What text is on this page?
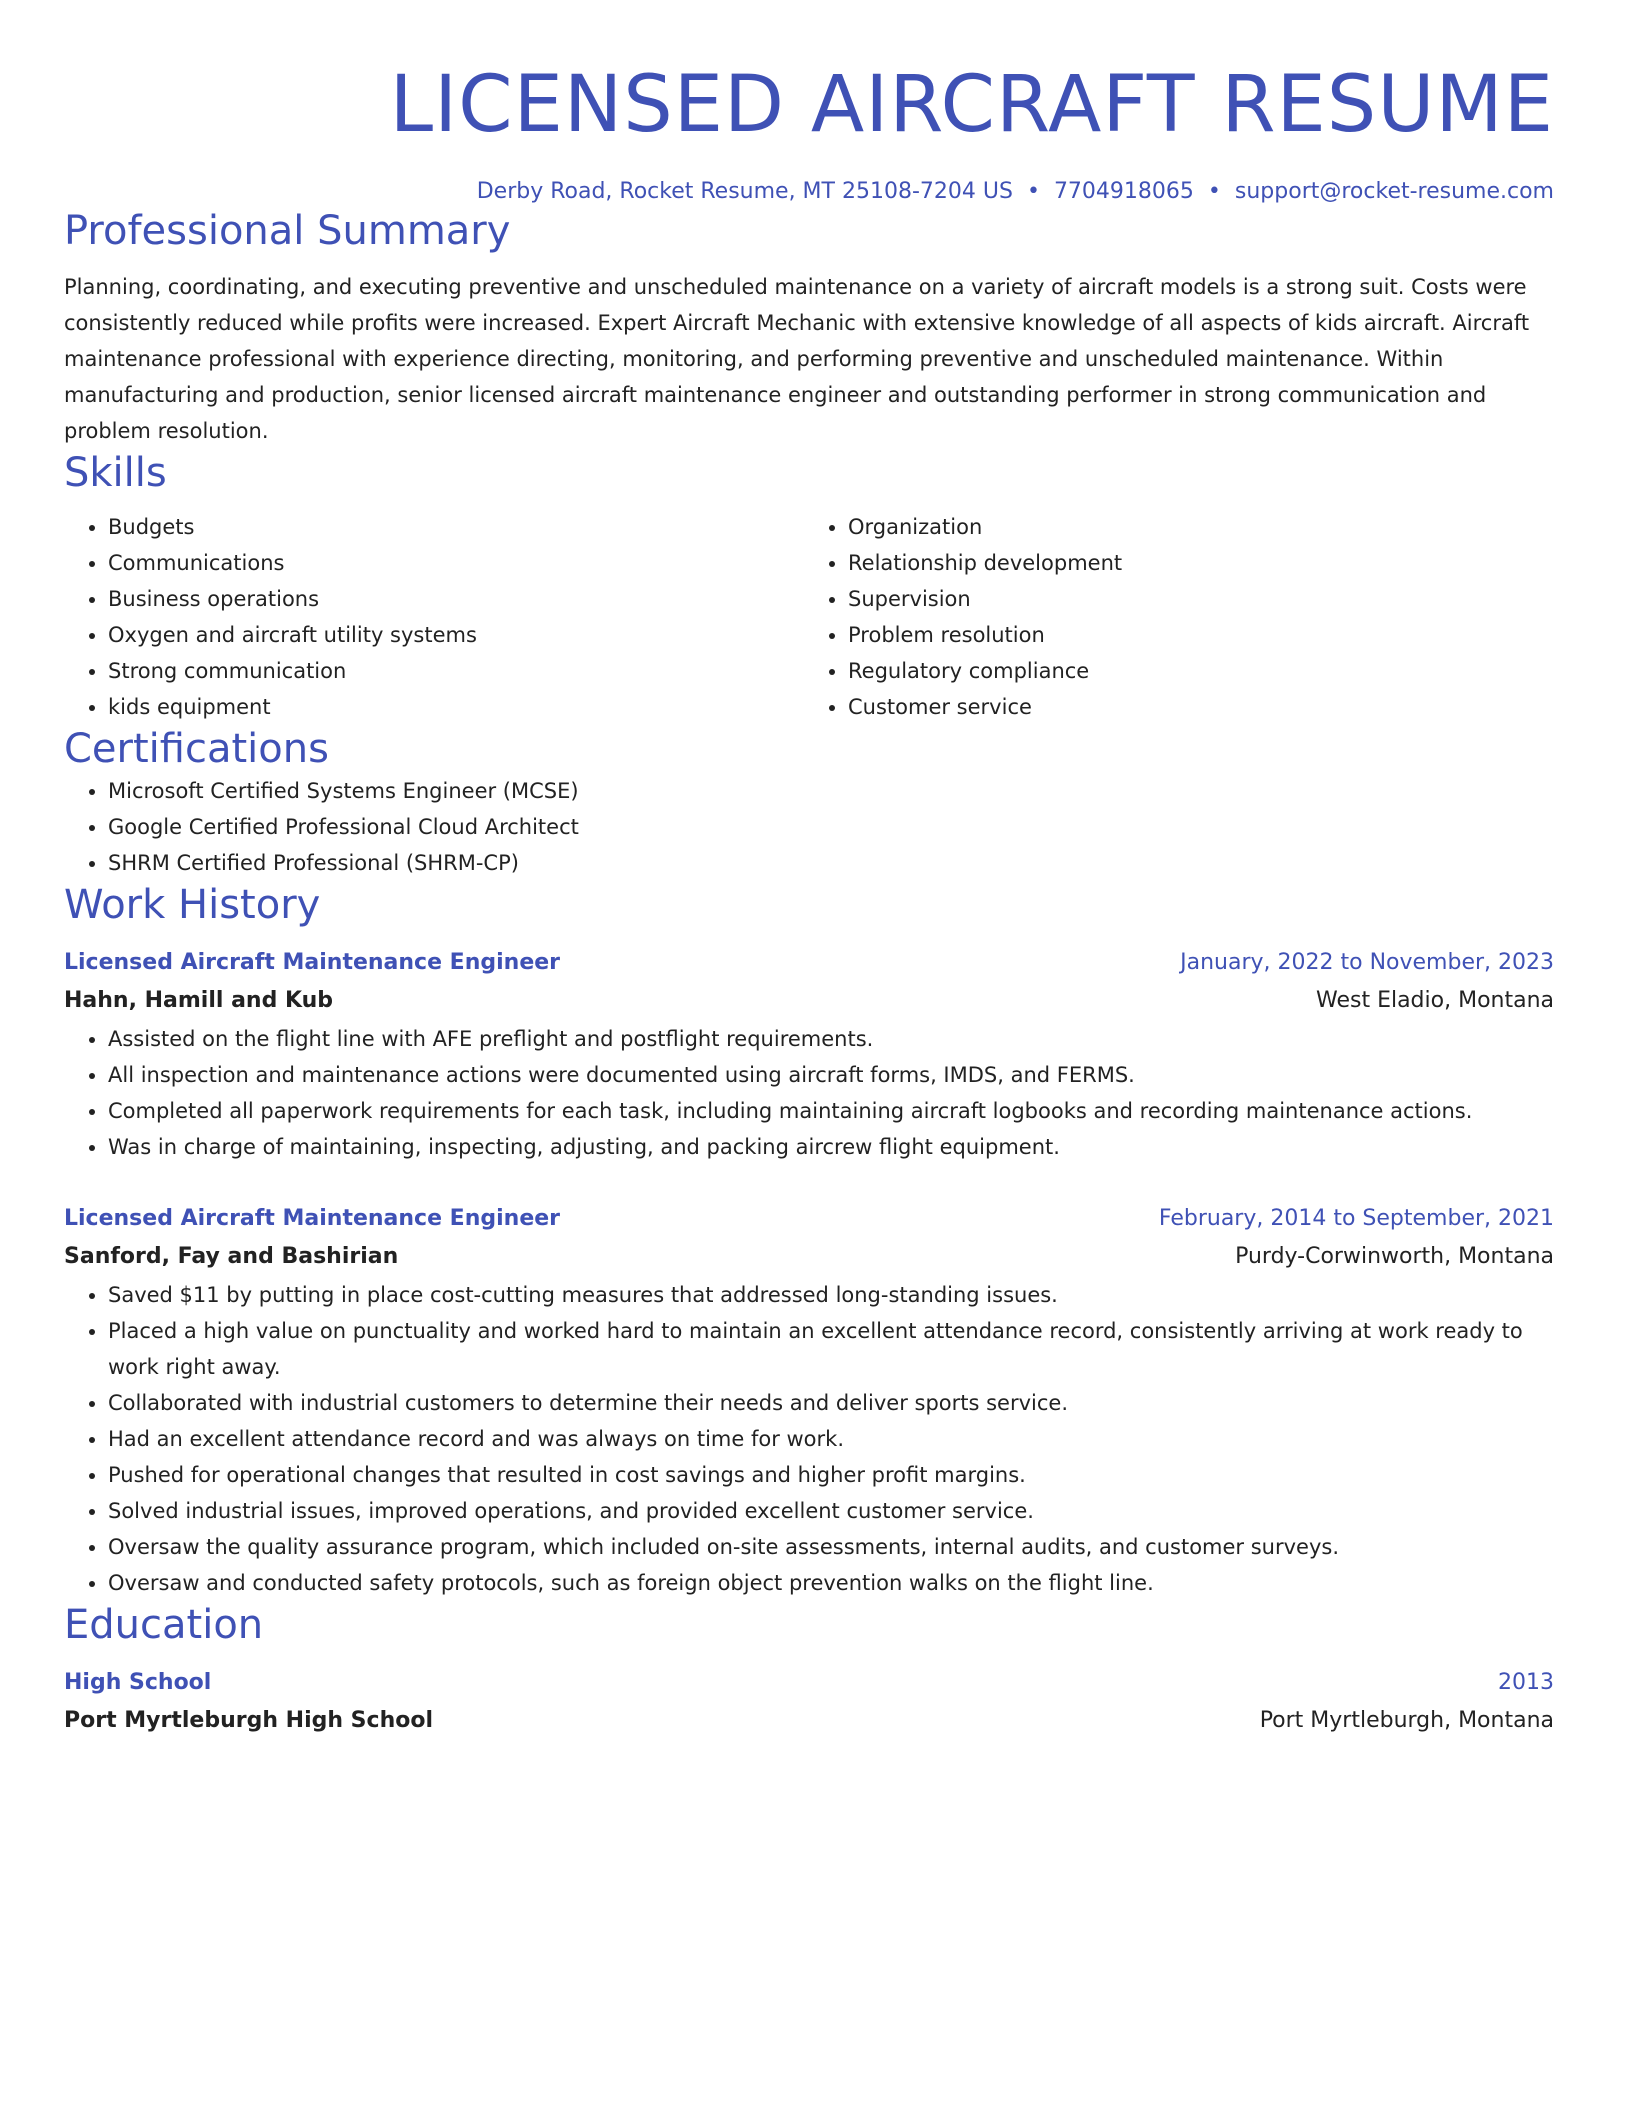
LICENSED AIRCRAFT RESUME
Derby Road, Rocket Resume, MT 25108-7204 US • 7704918065 • support@rocket-resume.com
Professional Summary
Planning, coordinating, and executing preventive and unscheduled maintenance on a variety of aircraft models is a strong suit. Costs were consistently reduced while profits were increased. Expert Aircraft Mechanic with extensive knowledge of all aspects of kids aircraft. Aircraft maintenance professional with experience directing, monitoring, and performing preventive and unscheduled maintenance. Within manufacturing and production, senior licensed aircraft maintenance engineer and outstanding performer in strong communication and problem resolution.
Skills
• Budgets
• Communications
• Business operations
• Oxygen and aircraft utility systems
• Strong communication
• kids equipment
• Organization
• Relationship development
• Supervision
• Problem resolution
• Regulatory compliance
• Customer service
Certifications
• Microsoft Certified Systems Engineer (MCSE)
• Google Certified Professional Cloud Architect
• SHRM Certified Professional (SHRM-CP)
Work History
Licensed Aircraft Maintenance Engineer	January, 2022 to November, 2023
Hahn, Hamill and Kub	West Eladio, Montana
• Assisted on the flight line with AFE preflight and postflight requirements.
• All inspection and maintenance actions were documented using aircraft forms, IMDS, and FERMS.
• Completed all paperwork requirements for each task, including maintaining aircraft logbooks and recording maintenance actions.
• Was in charge of maintaining, inspecting, adjusting, and packing aircrew flight equipment.
Licensed Aircraft Maintenance Engineer	February, 2014 to September, 2021
Sanford, Fay and Bashirian	Purdy-Corwinworth, Montana
• Saved $11 by putting in place cost-cutting measures that addressed long-standing issues.
• Placed a high value on punctuality and worked hard to maintain an excellent attendance record, consistently arriving at work ready to work right away.
• Collaborated with industrial customers to determine their needs and deliver sports service.
• Had an excellent attendance record and was always on time for work.
• Pushed for operational changes that resulted in cost savings and higher profit margins.
• Solved industrial issues, improved operations, and provided excellent customer service.
• Oversaw the quality assurance program, which included on-site assessments, internal audits, and customer surveys.
• Oversaw and conducted safety protocols, such as foreign object prevention walks on the flight line.
Education
High School	2013
Port Myrtleburgh High School	Port Myrtleburgh, Montana
